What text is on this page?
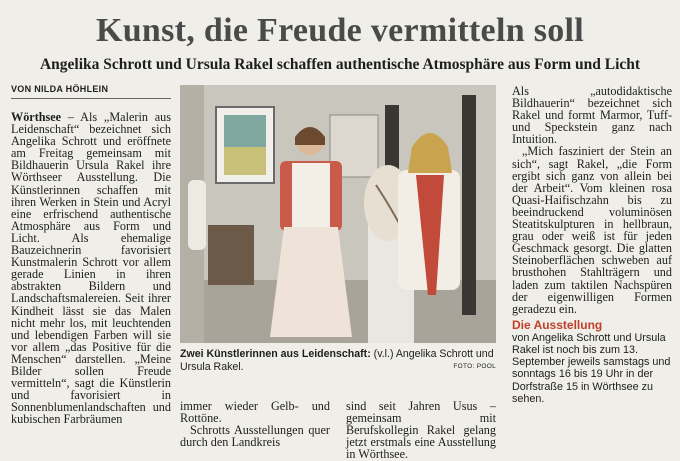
Kunst, die Freude vermitteln soll
Angelika Schrott und Ursula Rakel schaffen authentische Atmosphäre aus Form und Licht
VON NILDA HÖHLEIN

Wörthsee – Als „Malerin aus Leidenschaft“ bezeichnet sich Angelika Schrott und eröffnete am Freitag gemeinsam mit Bildhauerin Ursula Rakel ihre Wörthseer Ausstellung. Die Künstlerinnen schaffen mit ihren Werken in Stein und Acryl eine erfrischend authentische Atmosphäre aus Form und Licht. Als ehemalige Bauzeichnerin favorisiert Kunstmalerin Schrott vor allem gerade Linien in ihren abstrakten Bildern und Landschaftsmalereien. Seit ihrer Kindheit lässt sie das Malen nicht mehr los, mit leuchtenden und lebendigen Farben will sie vor allem „das Positive für die Menschen“ darstellen. „Meine Bilder sollen Freude vermitteln“, sagt die Künstlerin und favorisiert in Sonnenblumenlandschaften und kubischen Farbräumen

Zwei Künstlerinnen aus Leidenschaft: (v.l.) Angelika Schrott und Ursula Rakel.	FOTO: POOL

immer wieder Gelb- und Rottöne.

Schrotts Ausstellungen quer durch den Landkreis

sind seit Jahren Usus – gemeinsam mit Berufskollegin Rakel gelang jetzt erstmals eine Ausstellung in Wörthsee.

Als „autodidaktische Bildhauerin“ bezeichnet sich Rakel und formt Marmor, Tuff- und Speckstein ganz nach Intuition.

„Mich fasziniert der Stein an sich“, sagt Rakel, „die Form ergibt sich ganz von allein bei der Arbeit“. Vom kleinen rosa Quasi-Haifischzahn bis zu beeindruckend voluminösen Steatitskulpturen in hellbraun, grau oder weiß ist für jeden Geschmack gesorgt. Die glatten Steinoberflächen schweben auf brusthohen Stahlträgern und laden zum taktilen Nachspüren der eigenwilligen Formen geradezu ein.

Die Ausstellung
von Angelika Schrott und Ursula Rakel ist noch bis zum 13. September jeweils samstags und sonntags 16 bis 19 Uhr in der Dorfstraße 15 in Wörthsee zu sehen.
